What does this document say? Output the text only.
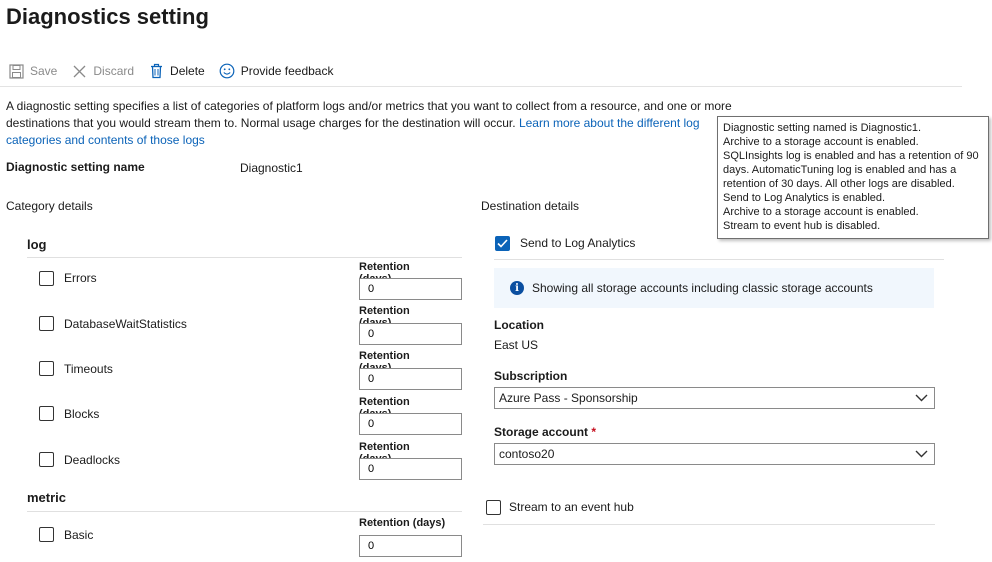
Diagnostics setting
Save	Discard	Delete	Provide feedback
A diagnostic setting specifies a list of categories of platform logs and/or metrics that you want to collect from a resource, and one or more destinations that you would stream them to. Normal usage charges for the destination will occur. Learn more about the different log categories and contents of those logs
Diagnostic setting named is Diagnostic1.
Archive to a storage account is enabled.
SQLInsights log is enabled and has a retention of 90
days. AutomaticTuning log is enabled and has a
retention of 30 days. All other logs are disabled.
Send to Log Analytics is enabled.
Archive to a storage account is enabled.
Stream to event hub is disabled.
Diagnostic setting name	Diagnostic1
Category details
log
Errors
Retention
0
DatabaseWaitStatistics
Retention
0
Timeouts
Retention
0
Blocks
Retention
0
Deadlocks
Retention
0
metric
Basic
Retention (days)
0
Destination details
Send to Log Analytics
i	Showing all storage accounts including classic storage accounts
Location
East US
Subscription
Azure Pass - Sponsorship
Storage account *
contoso20
Stream to an event hub
